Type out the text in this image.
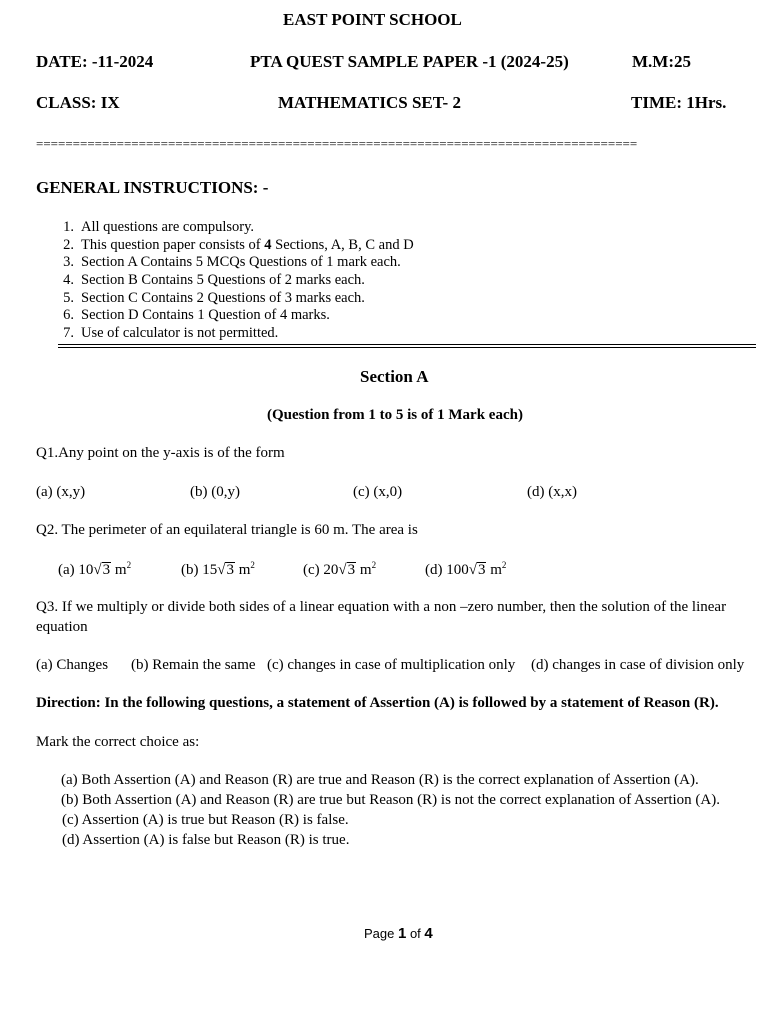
EAST POINT SCHOOL
DATE: -11-2024	PTA QUEST SAMPLE PAPER -1 (2024-25)	M.M:25
CLASS: IX	MATHEMATICS SET- 2	TIME: 1Hrs.
==================================================================================
GENERAL INSTRUCTIONS: -
1. All questions are compulsory.
2. This question paper consists of 4 Sections, A, B, C and D
3. Section A Contains 5 MCQs Questions of 1 mark each.
4. Section B Contains 5 Questions of 2 marks each.
5. Section C Contains 2 Questions of 3 marks each.
6. Section D Contains 1 Question of 4 marks.
7. Use of calculator is not permitted.
Section A
(Question from 1 to 5 is of 1 Mark each)
Q1.Any point on the y-axis is of the form
(a) (x,y)	(b) (0,y)	(c) (x,0)	(d) (x,x)
Q2. The perimeter of an equilateral triangle is 60 m. The area is
(a) 10√3 $m^2$	(b) 15√3 $m^2$	(c) 20√3 $m^2$	(d) 100√3 $m^2$
Q3. If we multiply or divide both sides of a linear equation with a non –zero number, then the solution of the linear
equation
(a) Changes (b) Remain the same (c) changes in case of multiplication only (d) changes in case of division only
Direction: In the following questions, a statement of Assertion (A) is followed by a statement of Reason (R).
Mark the correct choice as:
(a) Both Assertion (A) and Reason (R) are true and Reason (R) is the correct explanation of Assertion (A).
(b) Both Assertion (A) and Reason (R) are true but Reason (R) is not the correct explanation of Assertion (A).
(c) Assertion (A) is true but Reason (R) is false.
(d) Assertion (A) is false but Reason (R) is true.
Page 1 of 4
